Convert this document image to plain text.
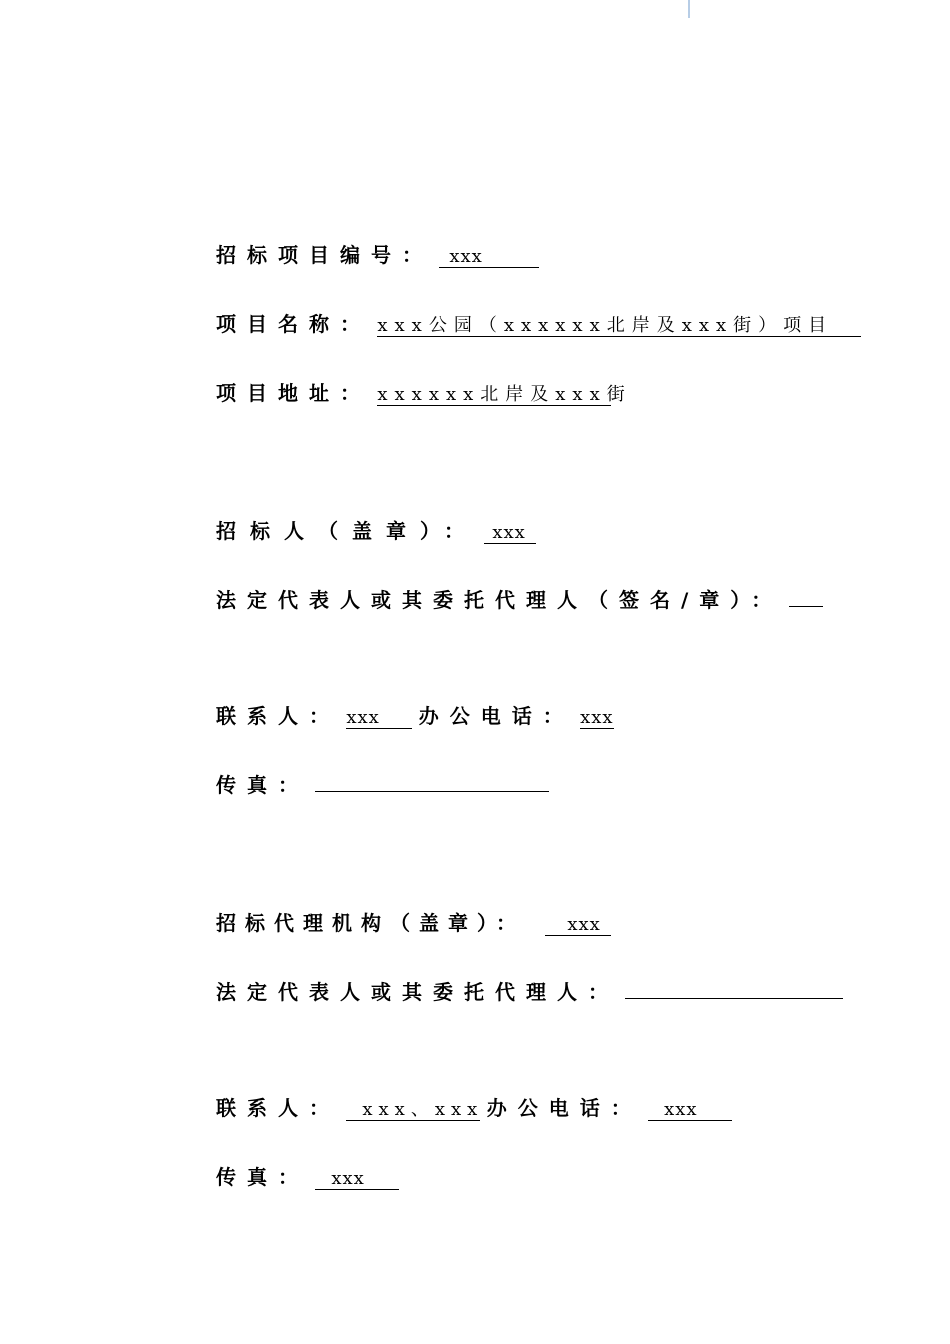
招标项目编号： xxx
项目名称： xxx公园（xxxxxx北岸及xxx街）项目
项目地址： xxxxxx北岸及xxx街
招标人（盖章）： xxx
法定代表人或其委托代理人（签名/章）：
联系人： xxx 办公电话： xxx
传真：
招标代理机构（盖章）： xxx
法定代表人或其委托代理人：
联系人： xxx、xxx 办公电话： xxx
传真： xxx
